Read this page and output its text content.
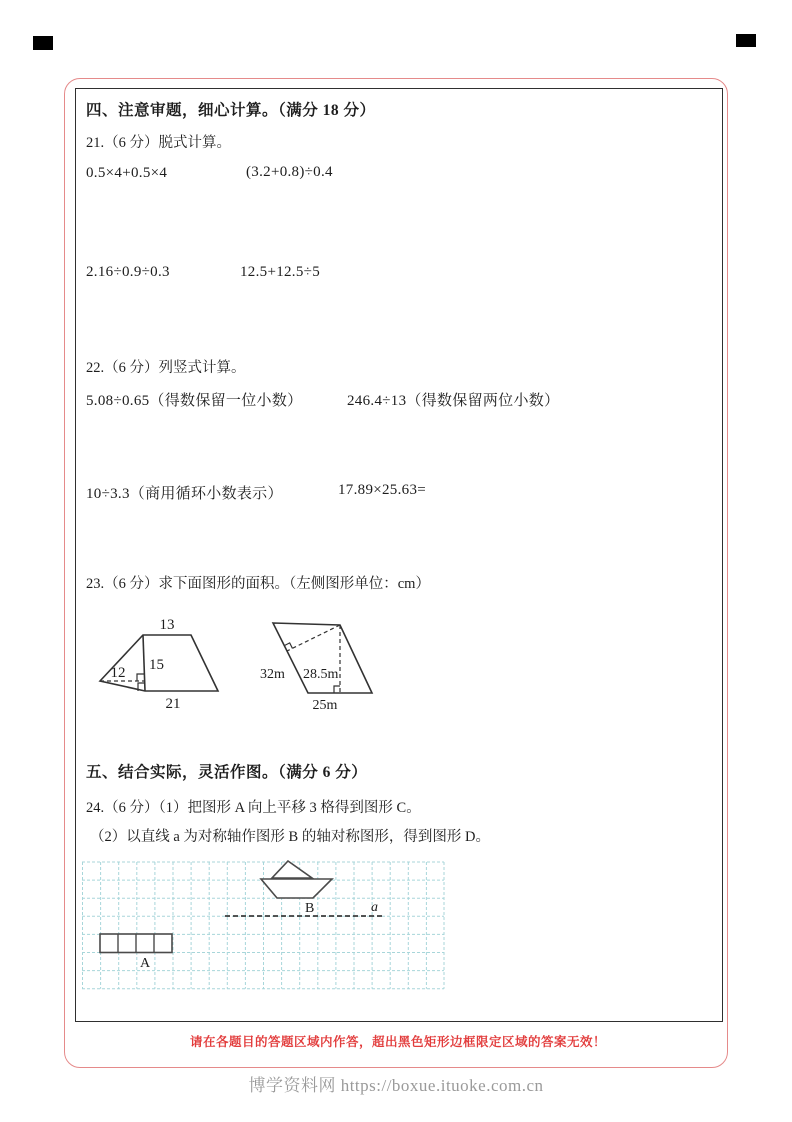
四、注意审题，细心计算。（满分 18 分）
21.（6 分）脱式计算。
0.5×4+0.5×4	(3.2+0.8)÷0.4
2.16÷0.9÷0.3	12.5+12.5÷5
22.（6 分）列竖式计算。
5.08÷0.65（得数保留一位小数）	246.4÷13（得数保留两位小数）
10÷3.3（商用循环小数表示）	17.89×25.63=
23.（6 分）求下面图形的面积。（左侧图形单位：cm）
13
15
12
21
32m 28.5m
25m
五、结合实际，灵活作图。（满分 6 分）
24.（6 分）（1）把图形 A 向上平移 3 格得到图形 C。
（2）以直线 a 为对称轴作图形 B 的轴对称图形，得到图形 D。
B	a
A
请在各题目的答题区域内作答，超出黑色矩形边框限定区域的答案无效！
博学资料网 https://boxue.ituoke.com.cn
